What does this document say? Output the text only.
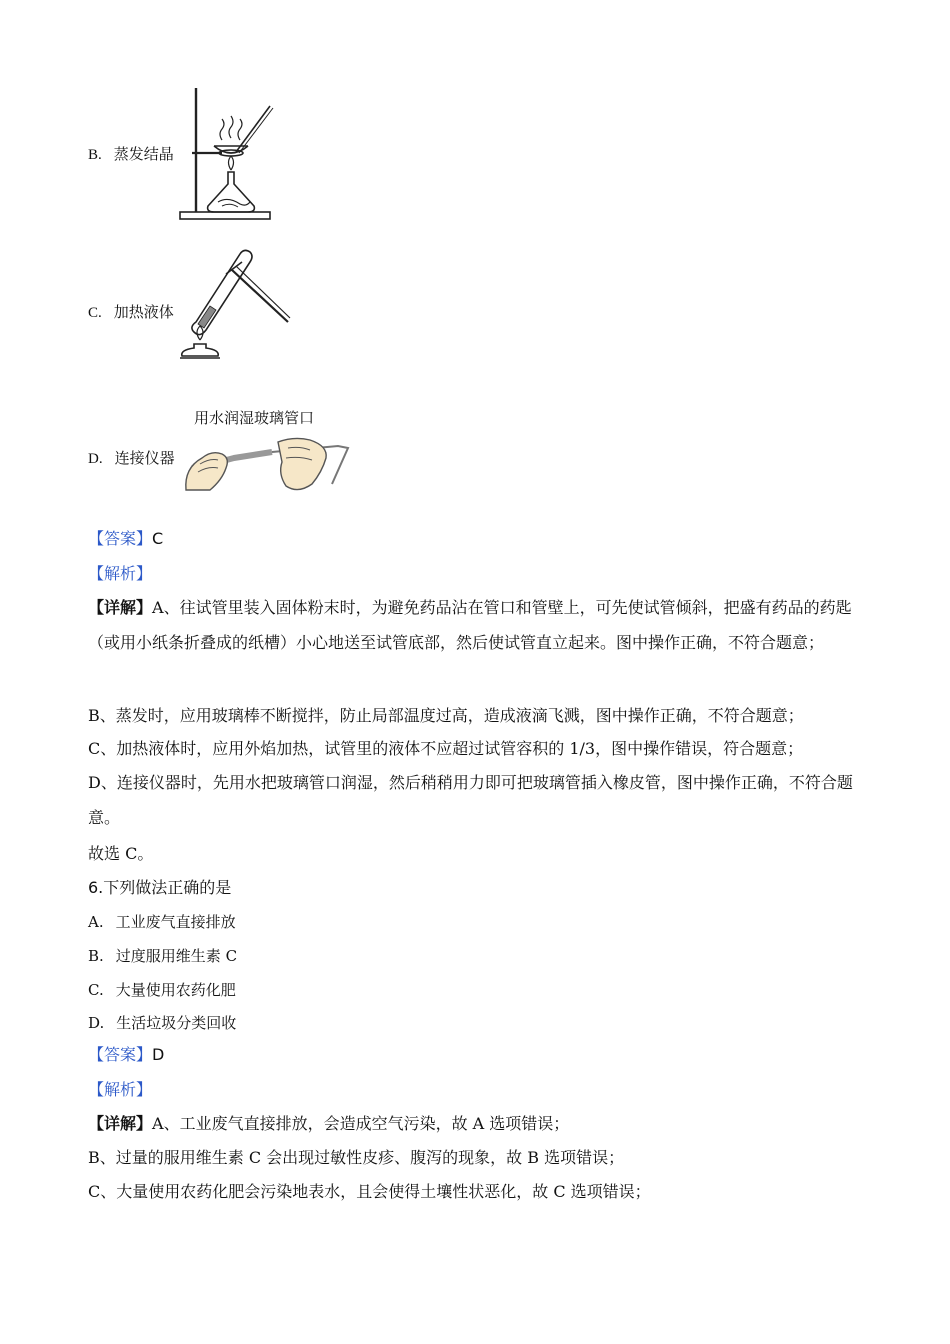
B. 蒸发结晶
C. 加热液体
用水润湿玻璃管口
D. 连接仪器
【答案】C
【解析】
【详解】A、往试管里装入固体粉末时，为避免药品沾在管口和管壁上，可先使试管倾斜，把盛有药品的药匙（或用小纸条折叠成的纸槽）小心地送至试管底部，然后使试管直立起来。图中操作正确，不符合题意；
B、蒸发时，应用玻璃棒不断搅拌，防止局部温度过高，造成液滴飞溅，图中操作正确，不符合题意；
C、加热液体时，应用外焰加热，试管里的液体不应超过试管容积的 1/3，图中操作错误，符合题意；
D、连接仪器时，先用水把玻璃管口润湿，然后稍稍用力即可把玻璃管插入橡皮管，图中操作正确，不符合题意。
故选 C。
6.下列做法正确的是
A. 工业废气直接排放
B. 过度服用维生素 C
C. 大量使用农药化肥
D. 生活垃圾分类回收
【答案】D
【解析】
【详解】A、工业废气直接排放，会造成空气污染，故 A 选项错误；
B、过量的服用维生素 C 会出现过敏性皮疹、腹泻的现象，故 B 选项错误；
C、大量使用农药化肥会污染地表水，且会使得土壤性状恶化，故 C 选项错误；
